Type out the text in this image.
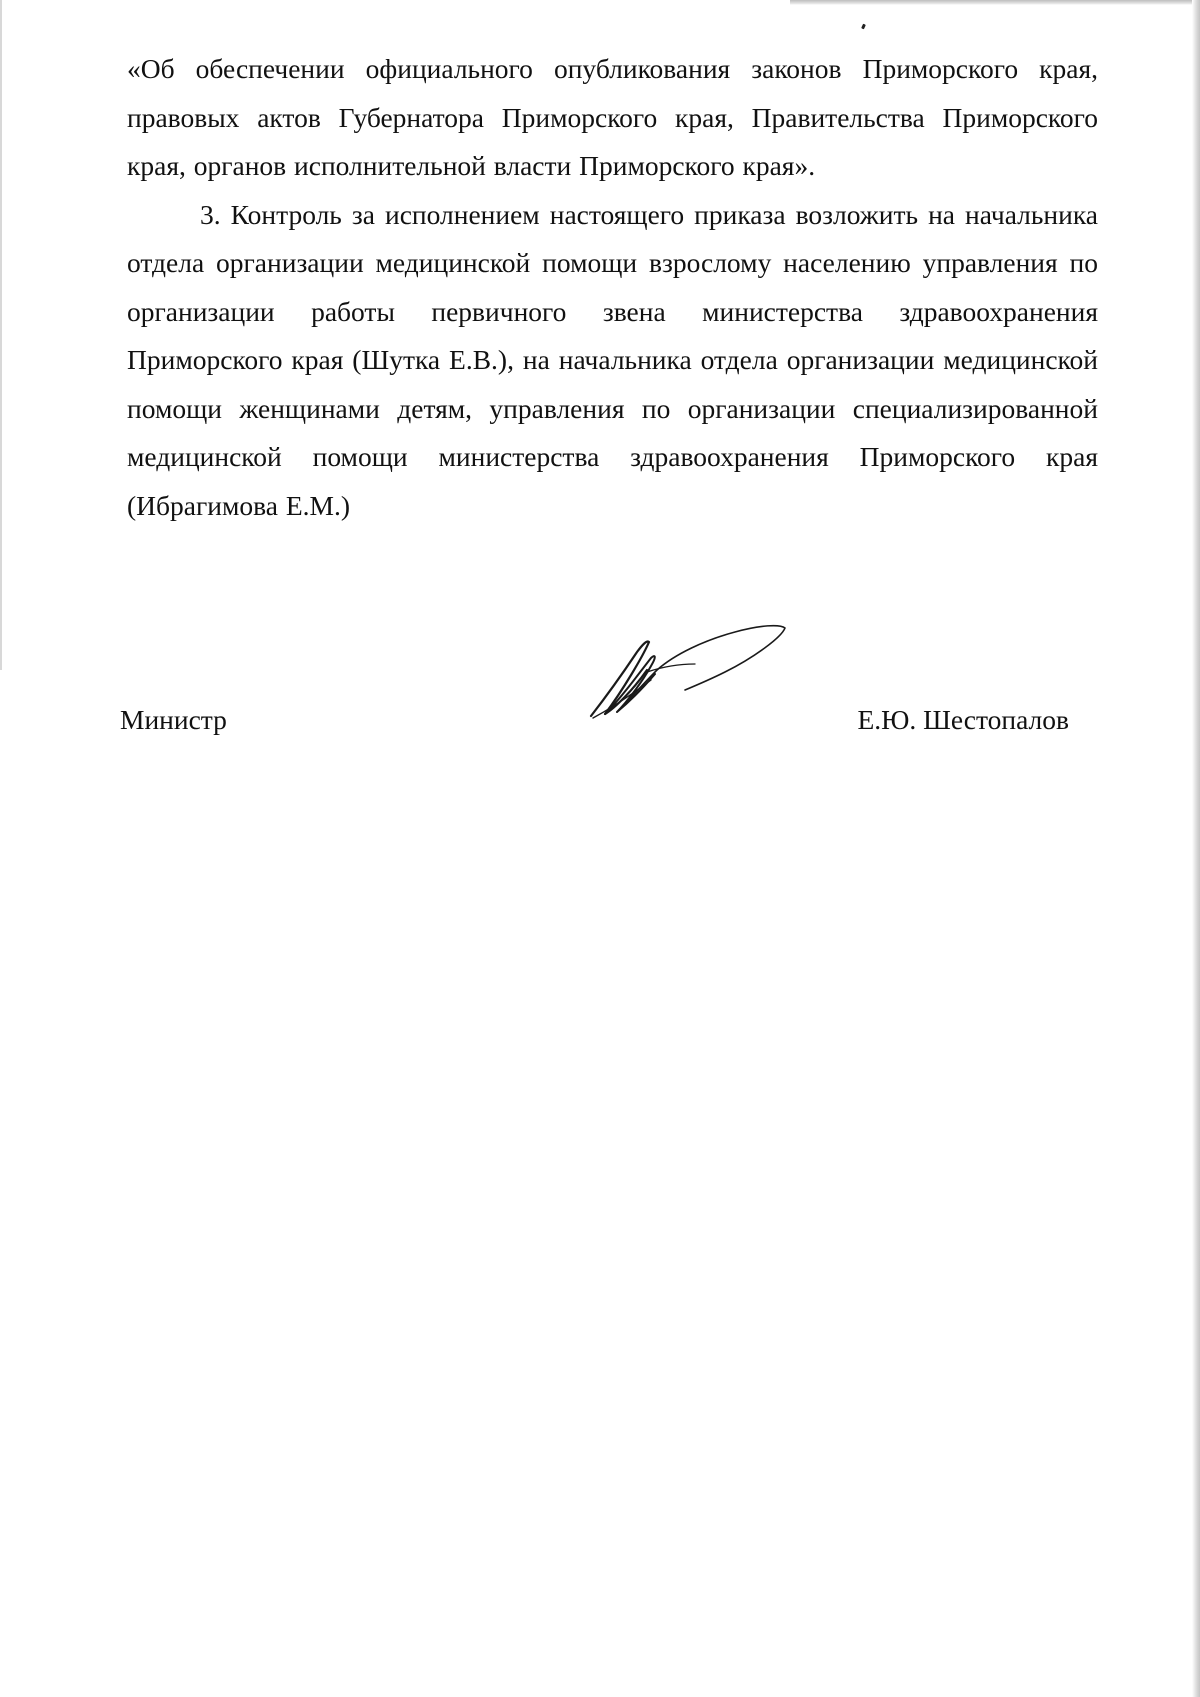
«Об обеспечении официального опубликования законов Приморского края, правовых актов Губернатора Приморского края, Правительства Приморского края, органов исполнительной власти Приморского края».

3. Контроль за исполнением настоящего приказа возложить на начальника отдела организации медицинской помощи взрослому населению управления по организации работы первичного звена министерства здравоохранения Приморского края (Шутка Е.В.), на начальника отдела организации медицинской помощи женщинами детям, управления по организации специализированной медицинской помощи министерства здравоохранения Приморского края (Ибрагимова Е.М.)

Министр	Е.Ю. Шестопалов
